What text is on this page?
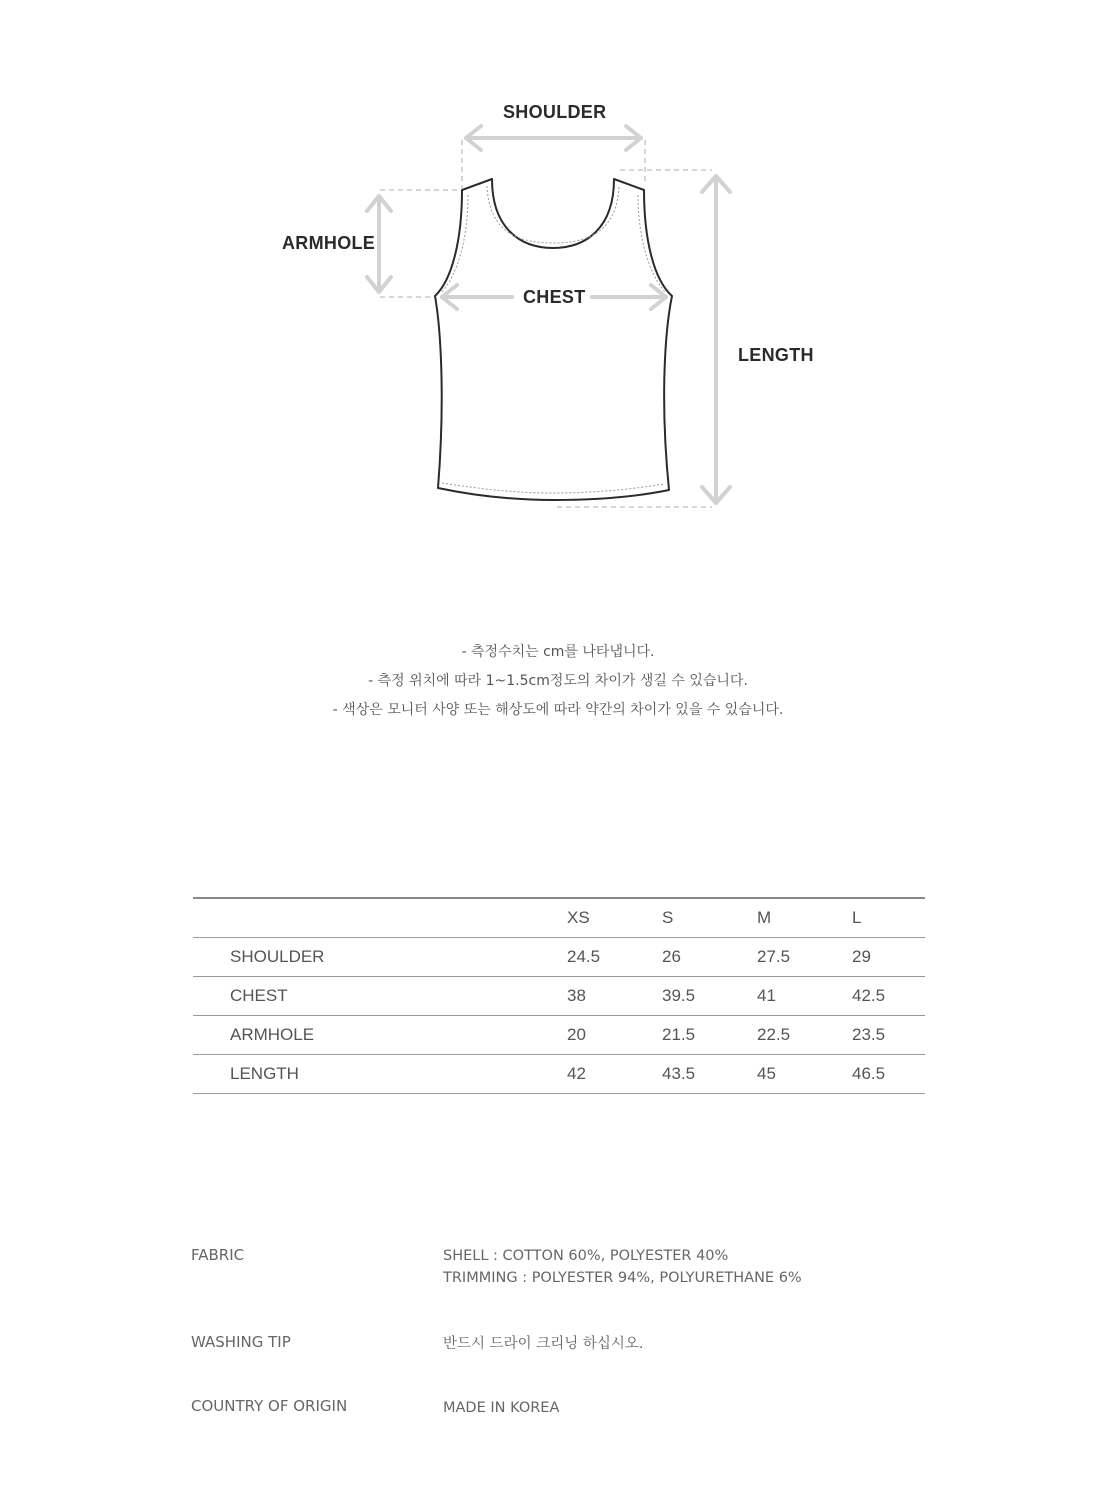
SHOULDER
ARMHOLE
CHEST
LENGTH
- 측정수치는 cm를 나타냅니다.
- 측정 위치에 따라 1~1.5cm정도의 차이가 생길 수 있습니다.
- 색상은 모니터 사양 또는 해상도에 따라 약간의 차이가 있을 수 있습니다.
	XS	S	M	L
SHOULDER	24.5	26	27.5	29
CHEST	38	39.5	41	42.5
ARMHOLE	20	21.5	22.5	23.5
LENGTH	42	43.5	45	46.5
FABRIC	SHELL : COTTON 60%, POLYESTER 40%
TRIMMING : POLYESTER 94%, POLYURETHANE 6%
WASHING TIP	반드시 드라이 크리닝 하십시오.
COUNTRY OF ORIGIN	MADE IN KOREA
